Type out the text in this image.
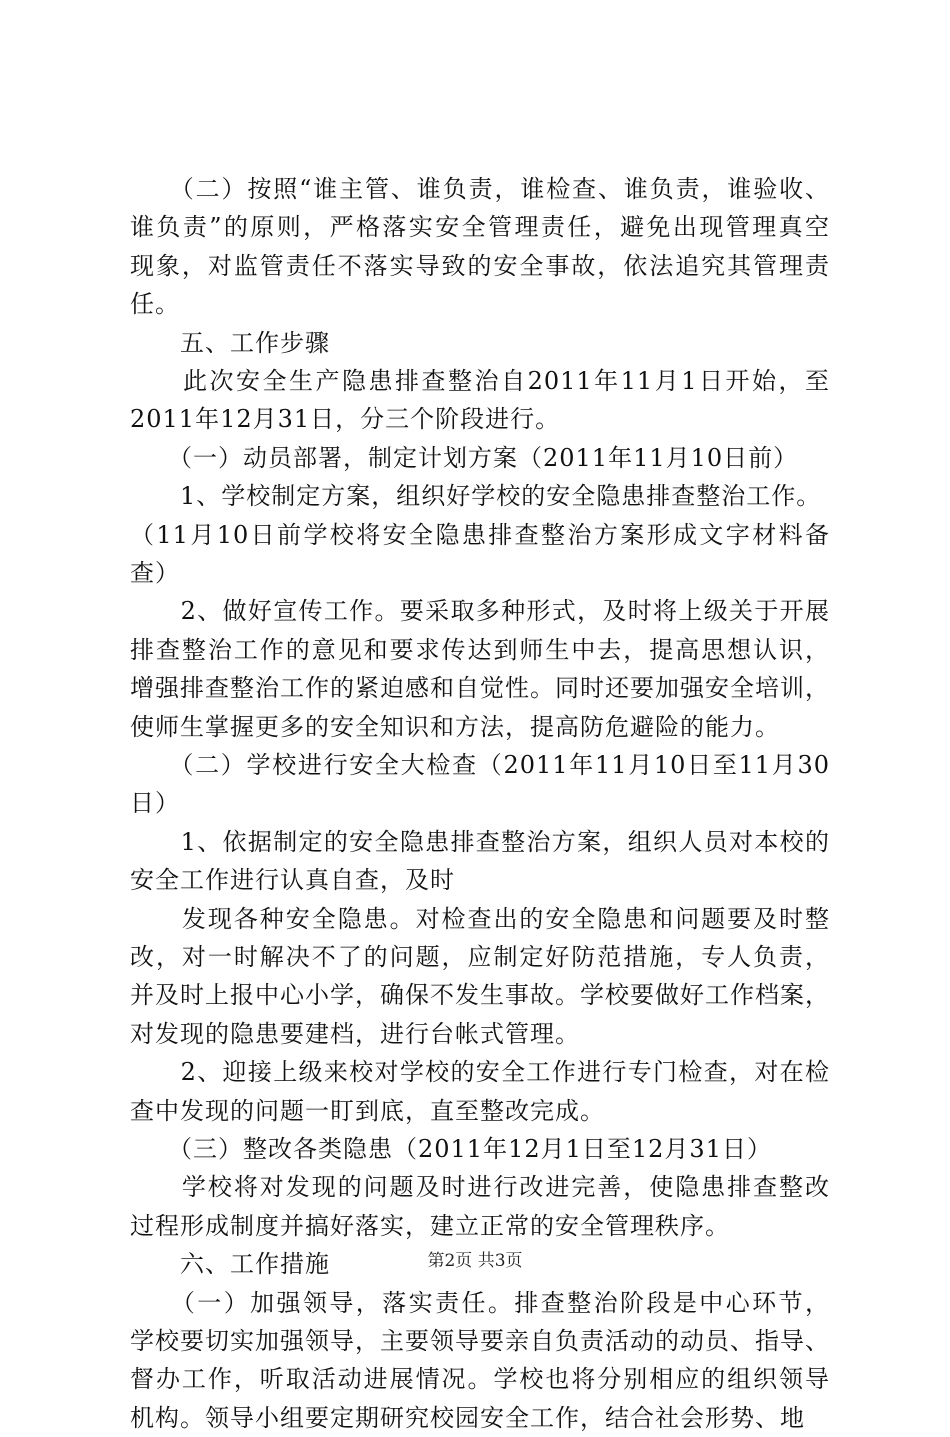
　　（二）按照“谁主管、谁负责，谁检查、谁负责，谁验收、
谁负责”的原则，严格落实安全管理责任，避免出现管理真空
现象，对监管责任不落实导致的安全事故，依法追究其管理责
任。
　　五、工作步骤
　　此次安全生产隐患排查整治自2011年11月1日开始，至
2011年12月31日，分三个阶段进行。
　　（一）动员部署，制定计划方案（2011年11月10日前）
　　1、学校制定方案，组织好学校的安全隐患排查整治工作。
（11月10日前学校将安全隐患排查整治方案形成文字材料备
查）
　　2、做好宣传工作。要采取多种形式，及时将上级关于开展
排查整治工作的意见和要求传达到师生中去，提高思想认识，
增强排查整治工作的紧迫感和自觉性。同时还要加强安全培训，
使师生掌握更多的安全知识和方法，提高防危避险的能力。
　　（二）学校进行安全大检查（2011年11月10日至11月30
日）
　　1、依据制定的安全隐患排查整治方案，组织人员对本校的
安全工作进行认真自查，及时
　　发现各种安全隐患。对检查出的安全隐患和问题要及时整
改，对一时解决不了的问题，应制定好防范措施，专人负责，
并及时上报中心小学，确保不发生事故。学校要做好工作档案，
对发现的隐患要建档，进行台帐式管理。
　　2、迎接上级来校对学校的安全工作进行专门检查，对在检
查中发现的问题一盯到底，直至整改完成。
　　（三）整改各类隐患（2011年12月1日至12月31日）
　　学校将对发现的问题及时进行改进完善，使隐患排查整改
过程形成制度并搞好落实，建立正常的安全管理秩序。
　　六、工作措施
　　（一）加强领导，落实责任。排查整治阶段是中心环节，
学校要切实加强领导，主要领导要亲自负责活动的动员、指导、
督办工作，听取活动进展情况。学校也将分别相应的组织领导
机构。领导小组要定期研究校园安全工作，结合社会形势、地
第2页 共3页
